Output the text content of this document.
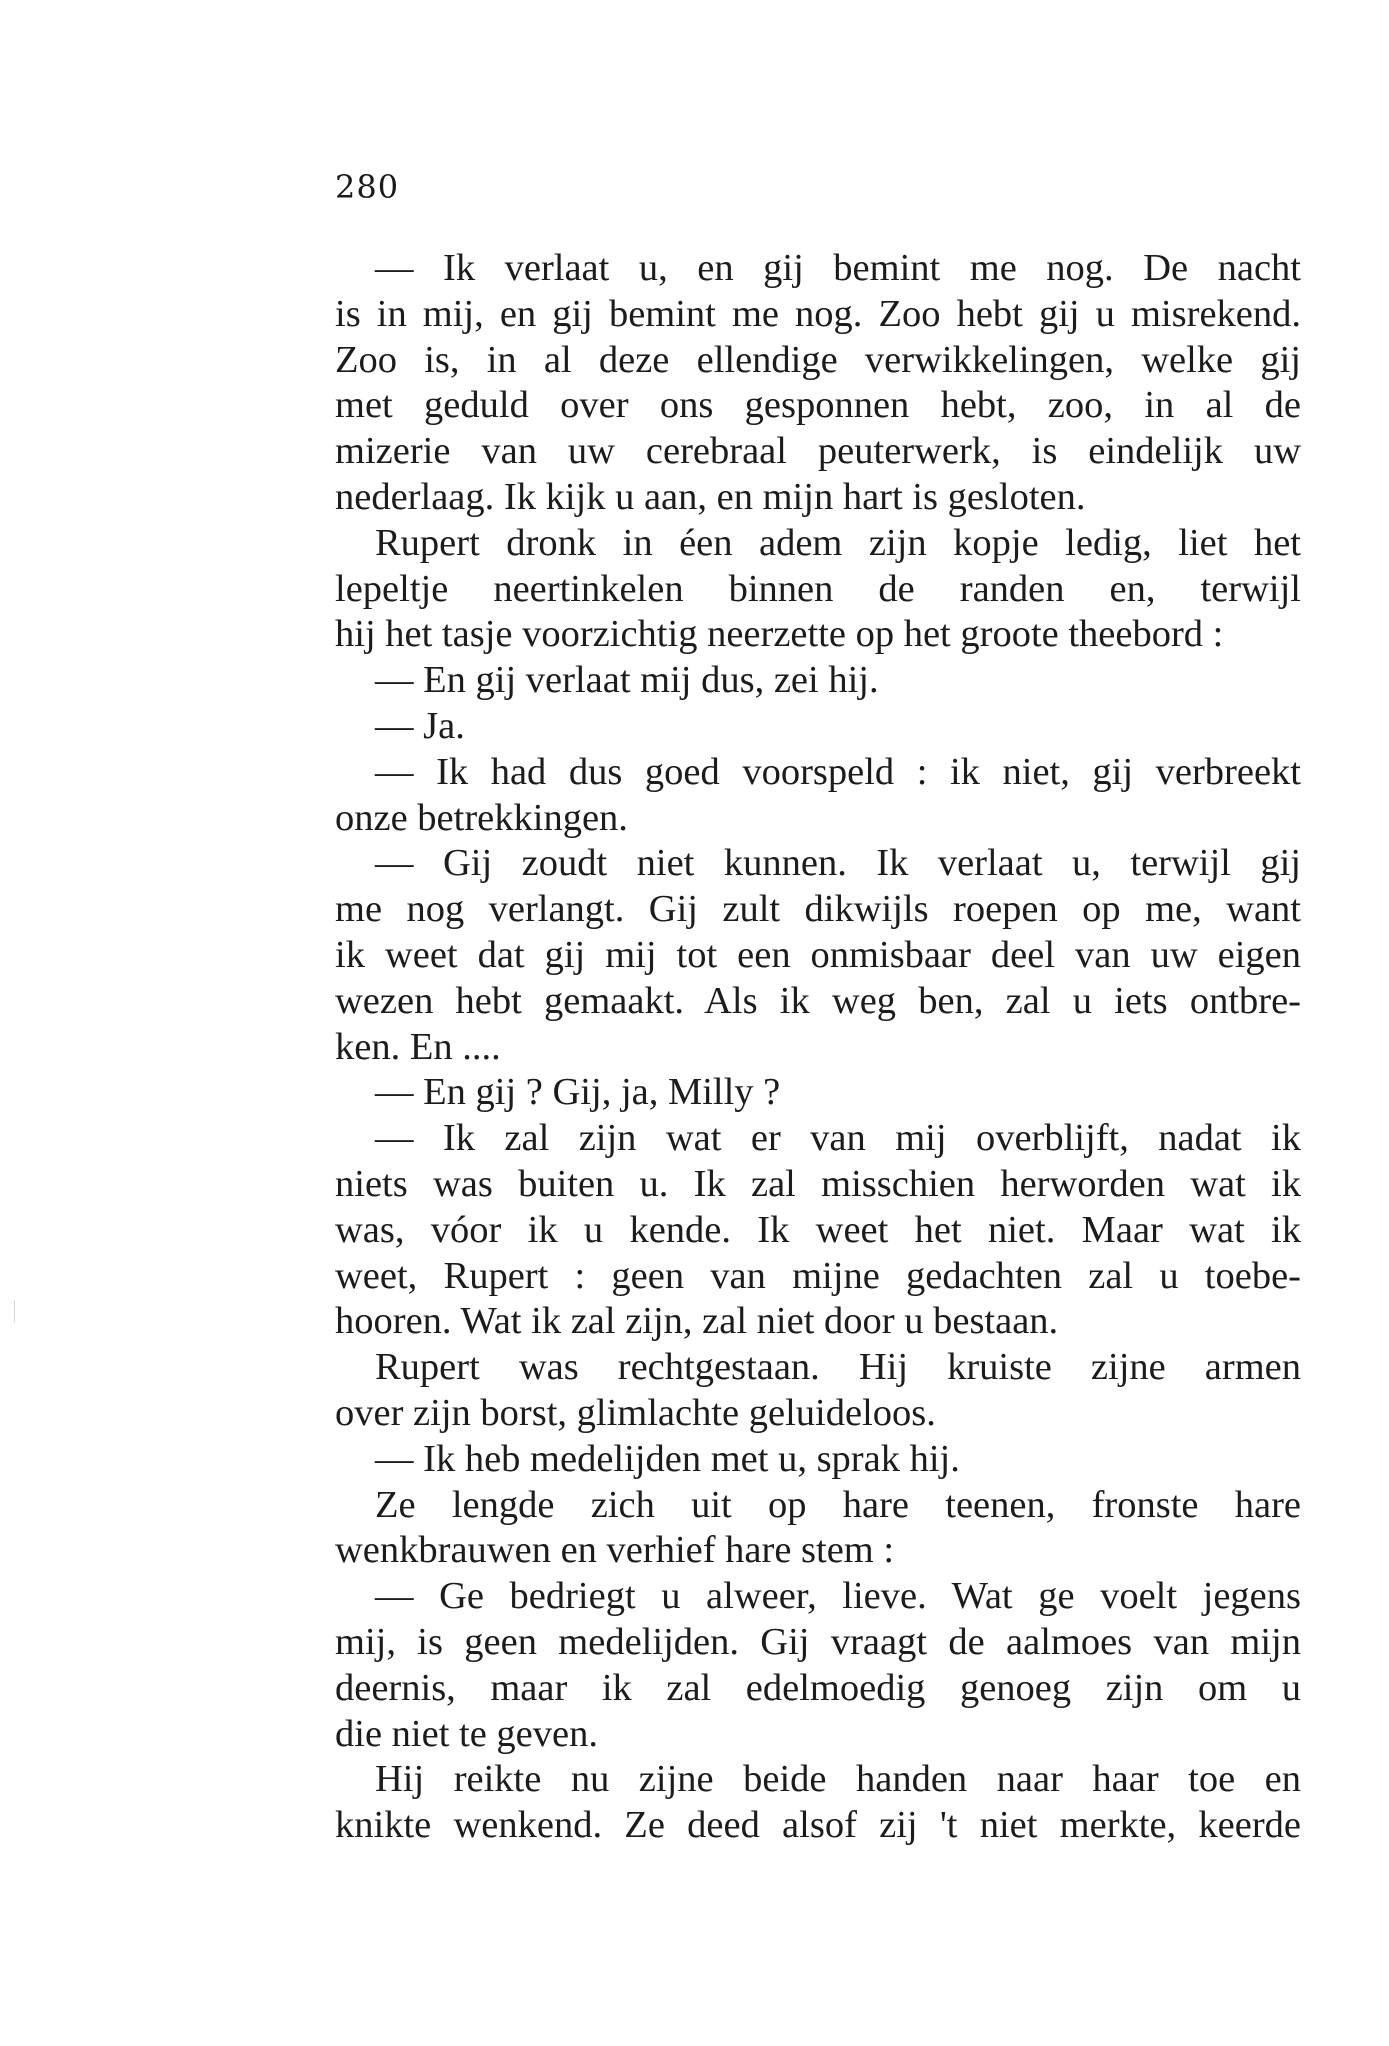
280
— Ik verlaat u, en gij bemint me nog. De nacht
is in mij, en gij bemint me nog. Zoo hebt gij u misrekend.
Zoo is, in al deze ellendige verwikkelingen, welke gij
met geduld over ons gesponnen hebt, zoo, in al de
mizerie van uw cerebraal peuterwerk, is eindelijk uw
nederlaag. Ik kijk u aan, en mijn hart is gesloten.
Rupert dronk in éen adem zijn kopje ledig, liet het
lepeltje neertinkelen binnen de randen en, terwijl
hij het tasje voorzichtig neerzette op het groote theebord :
— En gij verlaat mij dus, zei hij.
— Ja.
— Ik had dus goed voorspeld : ik niet, gij verbreekt
onze betrekkingen.
— Gij zoudt niet kunnen. Ik verlaat u, terwijl gij
me nog verlangt. Gij zult dikwijls roepen op me, want
ik weet dat gij mij tot een onmisbaar deel van uw eigen
wezen hebt gemaakt. Als ik weg ben, zal u iets ontbre-
ken. En ....
— En gij ? Gij, ja, Milly ?
— Ik zal zijn wat er van mij overblijft, nadat ik
niets was buiten u. Ik zal misschien herworden wat ik
was, vóor ik u kende. Ik weet het niet. Maar wat ik
weet, Rupert : geen van mijne gedachten zal u toebe-
hooren. Wat ik zal zijn, zal niet door u bestaan.
Rupert was rechtgestaan. Hij kruiste zijne armen
over zijn borst, glimlachte geluideloos.
— Ik heb medelijden met u, sprak hij.
Ze lengde zich uit op hare teenen, fronste hare
wenkbrauwen en verhief hare stem :
— Ge bedriegt u alweer, lieve. Wat ge voelt jegens
mij, is geen medelijden. Gij vraagt de aalmoes van mijn
deernis, maar ik zal edelmoedig genoeg zijn om u
die niet te geven.
Hij reikte nu zijne beide handen naar haar toe en
knikte wenkend. Ze deed alsof zij 't niet merkte, keerde
